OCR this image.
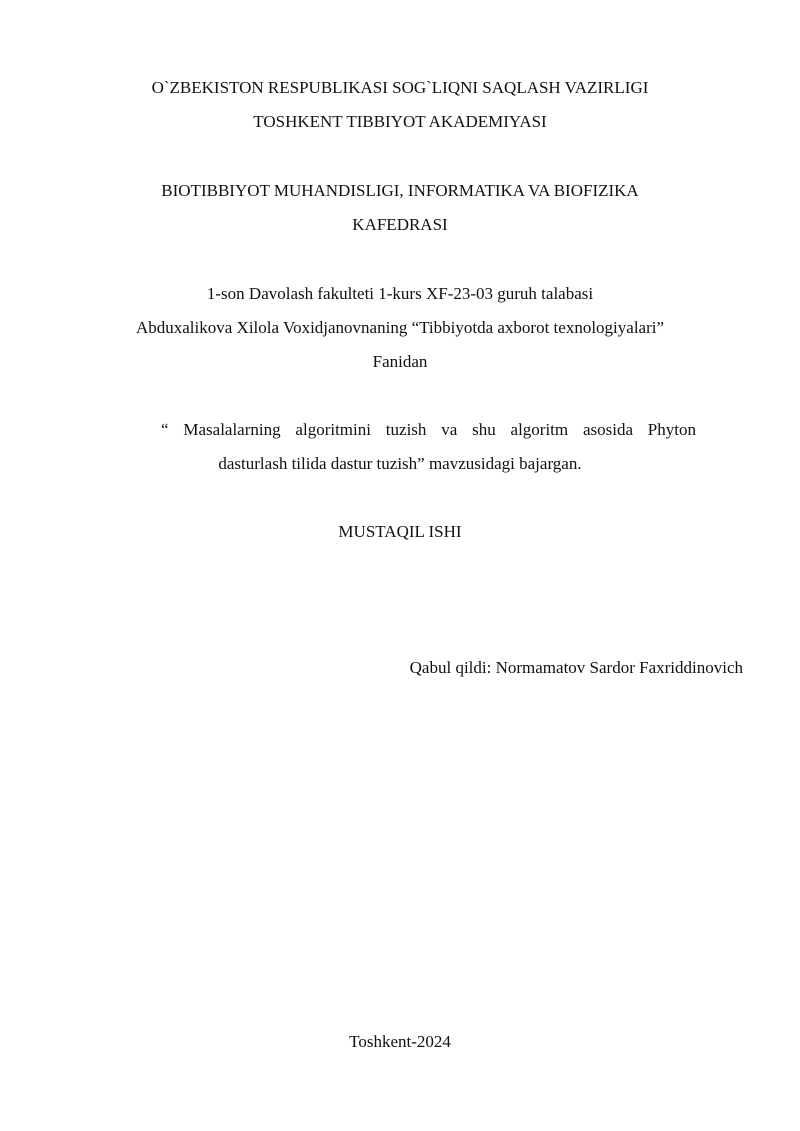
O`ZBEKISTON RESPUBLIKASI SOG`LIQNI SAQLASH VAZIRLIGI
TOSHKENT TIBBIYOT AKADEMIYASI
BIOTIBBIYOT MUHANDISLIGI, INFORMATIKA VA BIOFIZIKA
KAFEDRASI
1-son Davolash fakulteti 1-kurs XF-23-03 guruh talabasi
Abduxalikova Xilola Voxidjanovnaning “Tibbiyotda axborot texnologiyalari”
Fanidan
“ Masalalarning algoritmini tuzish va shu algoritm asosida Phyton
dasturlash tilida dastur tuzish” mavzusidagi bajargan.
MUSTAQIL ISHI
Qabul qildi: Normamatov Sardor Faxriddinovich
Toshkent-2024
